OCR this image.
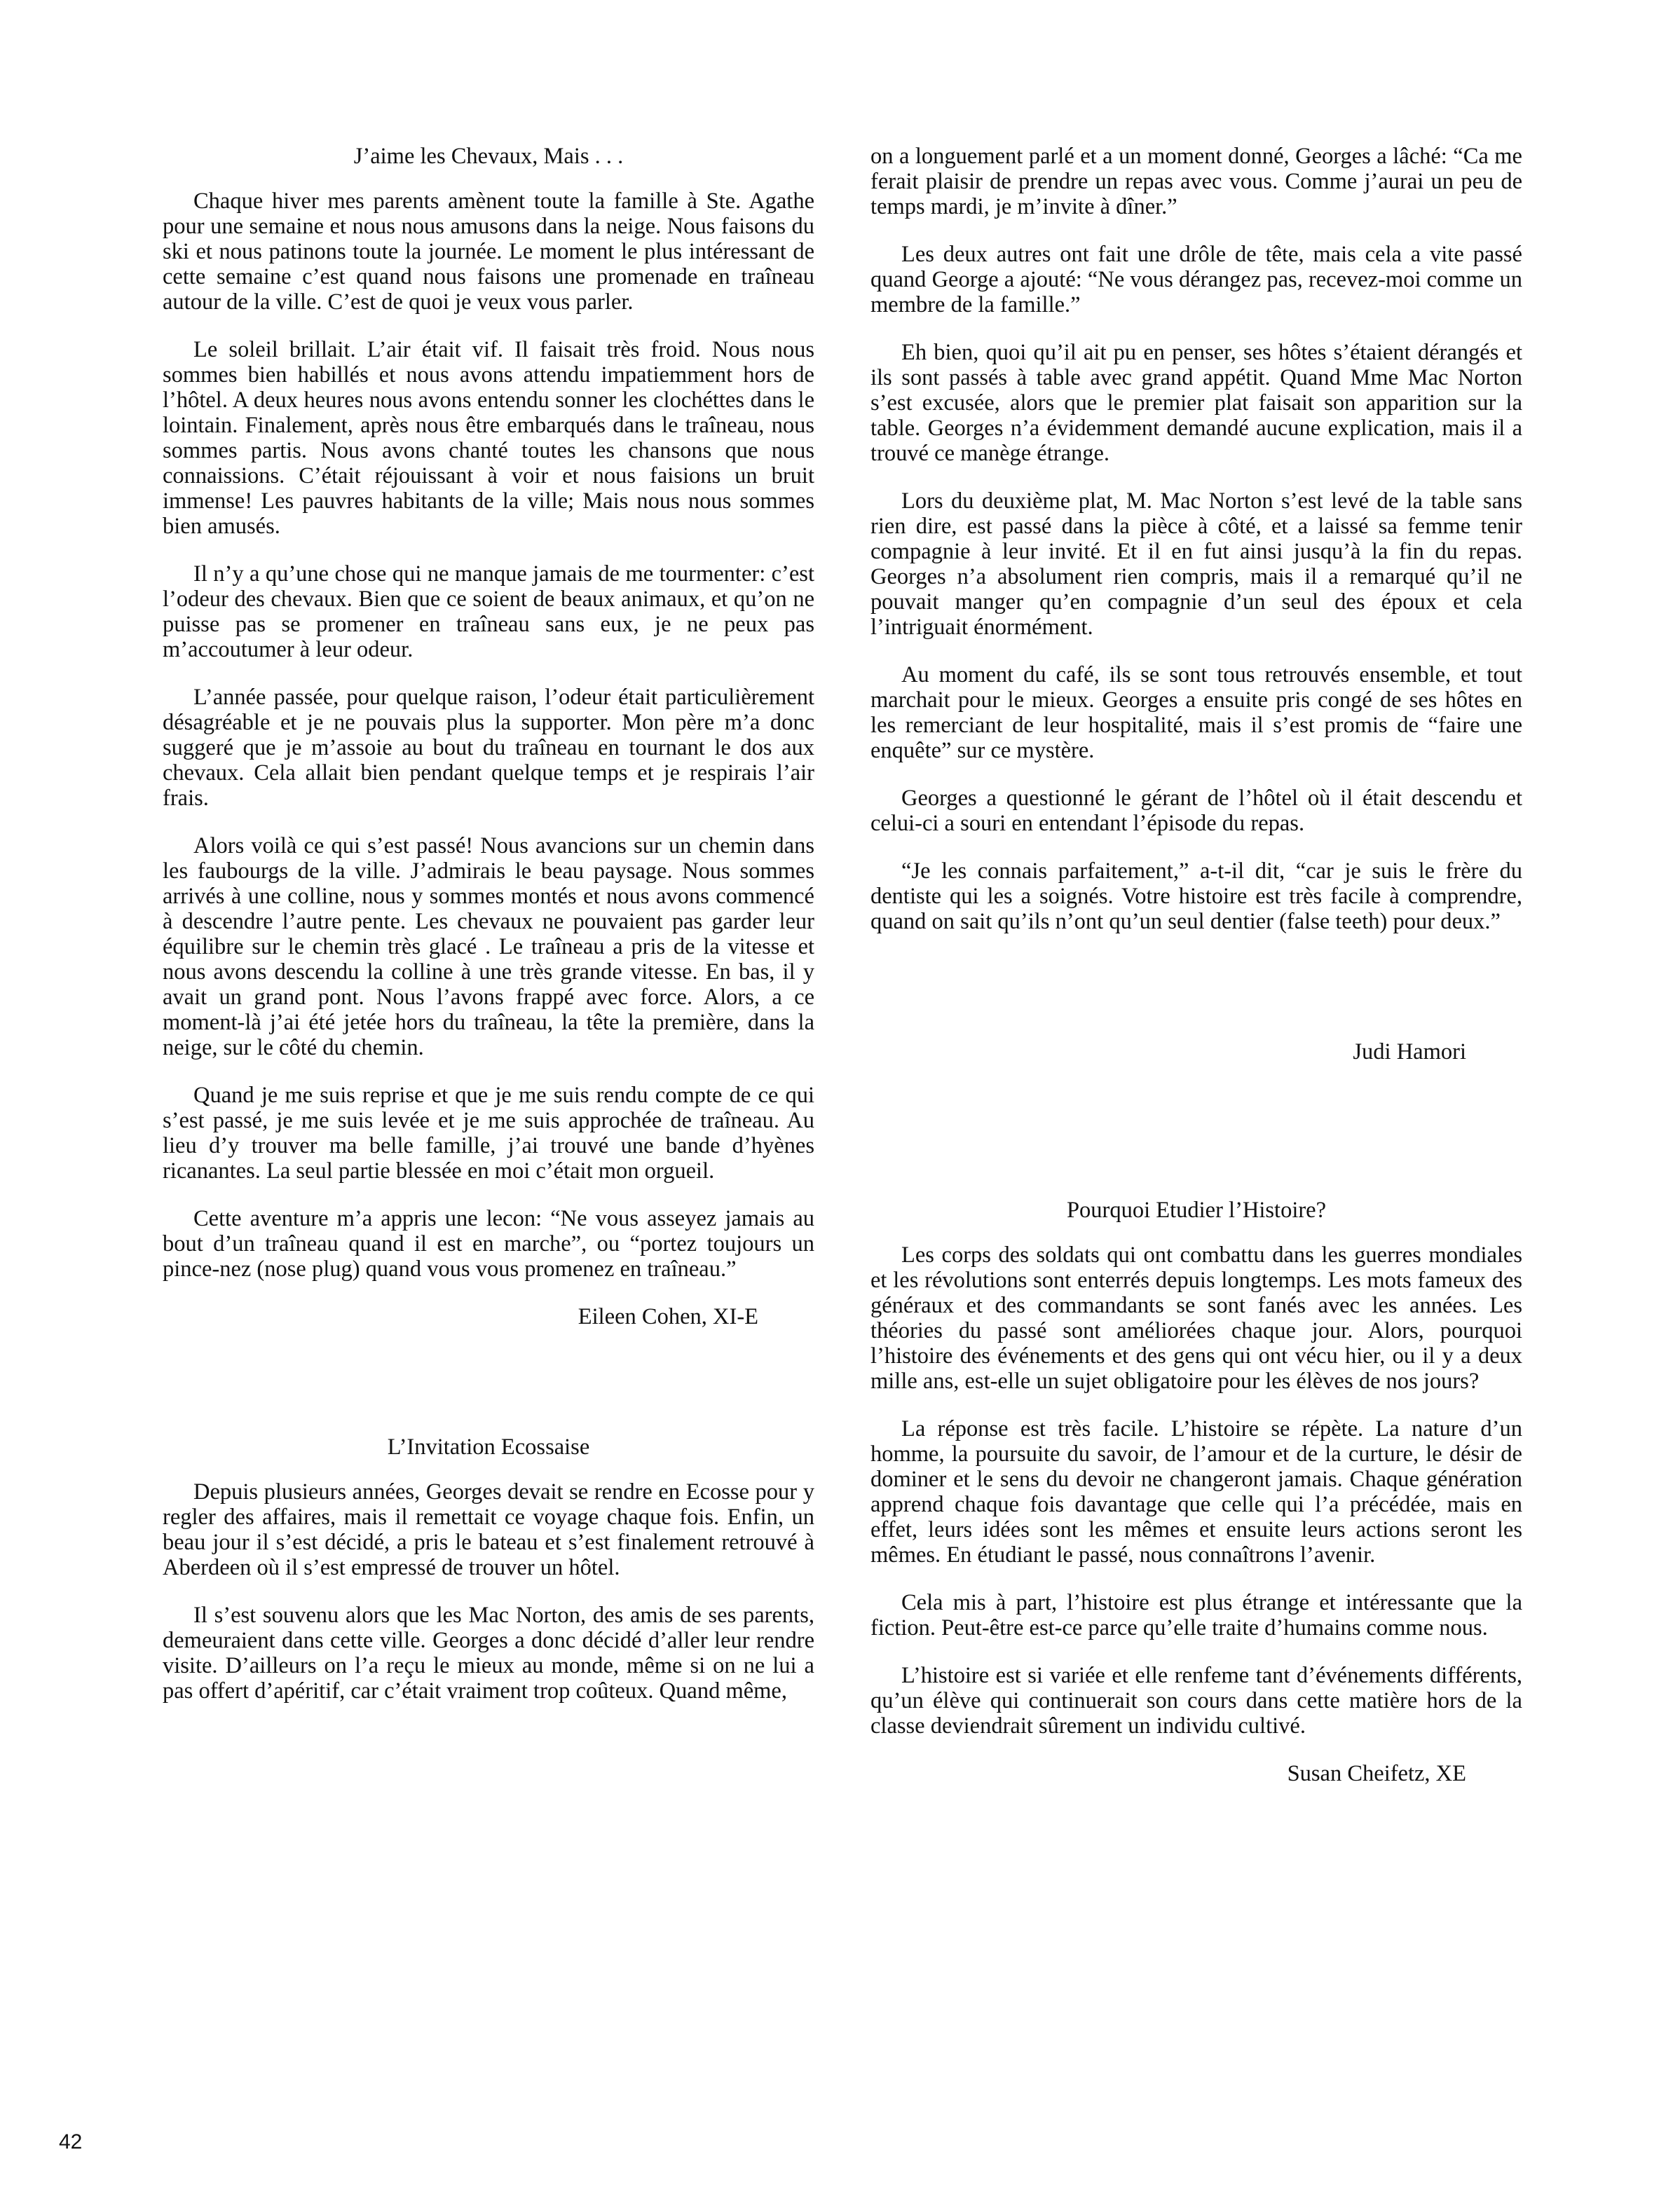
J’aime les Chevaux, Mais . . .

Chaque hiver mes parents amènent toute la famille à Ste. Agathe pour une semaine et nous nous amusons dans la neige. Nous faisons du ski et nous patinons toute la journée. Le moment le plus intéressant de cette semaine c’est quand nous faisons une promenade en traîneau autour de la ville. C’est de quoi je veux vous parler.

Le soleil brillait. L’air était vif. Il faisait très froid. Nous nous sommes bien habillés et nous avons attendu impatiemment hors de l’hôtel. A deux heures nous avons entendu sonner les clochéttes dans le lointain. Finalement, après nous être embarqués dans le traîneau, nous sommes partis. Nous avons chanté toutes les chansons que nous connaissions. C’était réjouissant à voir et nous faisions un bruit immense! Les pauvres habitants de la ville; Mais nous nous sommes bien amusés.

Il n’y a qu’une chose qui ne manque jamais de me tourmenter: c’est l’odeur des chevaux. Bien que ce soient de beaux animaux, et qu’on ne puisse pas se promener en traîneau sans eux, je ne peux pas m’accoutumer à leur odeur.

L’année passée, pour quelque raison, l’odeur était particulièrement désagréable et je ne pouvais plus la supporter. Mon père m’a donc suggeré que je m’assoie au bout du traîneau en tournant le dos aux chevaux. Cela allait bien pendant quelque temps et je respirais l’air frais.

Alors voilà ce qui s’est passé! Nous avancions sur un chemin dans les faubourgs de la ville. J’admirais le beau paysage. Nous sommes arrivés à une colline, nous y sommes montés et nous avons commencé à descendre l’autre pente. Les chevaux ne pouvaient pas garder leur équilibre sur le chemin très glacé . Le traîneau a pris de la vitesse et nous avons descendu la colline à une très grande vitesse. En bas, il y avait un grand pont. Nous l’avons frappé avec force. Alors, a ce moment-là j’ai été jetée hors du traîneau, la tête la première, dans la neige, sur le côté du chemin.

Quand je me suis reprise et que je me suis rendu compte de ce qui s’est passé, je me suis levée et je me suis approchée de traîneau. Au lieu d’y trouver ma belle famille, j’ai trouvé une bande d’hyènes ricanantes. La seul partie blessée en moi c’était mon orgueil.

Cette aventure m’a appris une lecon: “Ne vous asseyez jamais au bout d’un traîneau quand il est en marche”, ou “portez toujours un pince-nez (nose plug) quand vous vous promenez en traîneau.”

Eileen Cohen, XI-E
L’Invitation Ecossaise

Depuis plusieurs années, Georges devait se rendre en Ecosse pour y regler des affaires, mais il remettait ce voyage chaque fois. Enfin, un beau jour il s’est décidé, a pris le bateau et s’est finalement retrouvé à Aberdeen où il s’est empressé de trouver un hôtel.

Il s’est souvenu alors que les Mac Norton, des amis de ses parents, demeuraient dans cette ville. Georges a donc décidé d’aller leur rendre visite. D’ailleurs on l’a reçu le mieux au monde, même si on ne lui a pas offert d’apéritif, car c’était vraiment trop coûteux. Quand même,

on a longuement parlé et a un moment donné, Georges a lâché: “Ca me ferait plaisir de prendre un repas avec vous. Comme j’aurai un peu de temps mardi, je m’invite à dîner.”

Les deux autres ont fait une drôle de tête, mais cela a vite passé quand George a ajouté: “Ne vous dérangez pas, recevez-moi comme un membre de la famille.”

Eh bien, quoi qu’il ait pu en penser, ses hôtes s’étaient dérangés et ils sont passés à table avec grand appétit. Quand Mme Mac Norton s’est excusée, alors que le premier plat faisait son apparition sur la table. Georges n’a évidemment demandé aucune explication, mais il a trouvé ce manège étrange.

Lors du deuxième plat, M. Mac Norton s’est levé de la table sans rien dire, est passé dans la pièce à côté, et a laissé sa femme tenir compagnie à leur invité. Et il en fut ainsi jusqu’à la fin du repas. Georges n’a absolument rien compris, mais il a remarqué qu’il ne pouvait manger qu’en compagnie d’un seul des époux et cela l’intriguait énormément.

Au moment du café, ils se sont tous retrouvés ensemble, et tout marchait pour le mieux. Georges a ensuite pris congé de ses hôtes en les remerciant de leur hospitalité, mais il s’est promis de “faire une enquête” sur ce mystère.

Georges a questionné le gérant de l’hôtel où il était descendu et celui-ci a souri en entendant l’épisode du repas.

“Je les connais parfaitement,” a-t-il dit, “car je suis le frère du dentiste qui les a soignés. Votre histoire est très facile à comprendre, quand on sait qu’ils n’ont qu’un seul dentier (false teeth) pour deux.”

Judi Hamori
Pourquoi Etudier l’Histoire?

Les corps des soldats qui ont combattu dans les guerres mondiales et les révolutions sont enterrés depuis longtemps. Les mots fameux des généraux et des commandants se sont fanés avec les années. Les théories du passé sont améliorées chaque jour. Alors, pourquoi l’histoire des événements et des gens qui ont vécu hier, ou il y a deux mille ans, est-elle un sujet obligatoire pour les élèves de nos jours?

La réponse est très facile. L’histoire se répète. La nature d’un homme, la poursuite du savoir, de l’amour et de la curture, le désir de dominer et le sens du devoir ne changeront jamais. Chaque génération apprend chaque fois davantage que celle qui l’a précédée, mais en effet, leurs idées sont les mêmes et ensuite leurs actions seront les mêmes. En étudiant le passé, nous connaîtrons l’avenir.

Cela mis à part, l’histoire est plus étrange et intéressante que la fiction. Peut-être est-ce parce qu’elle traite d’humains comme nous.

L’histoire est si variée et elle renfeme tant d’événements différents, qu’un élève qui continuerait son cours dans cette matière hors de la classe deviendrait sûrement un individu cultivé.

Susan Cheifetz, XE
42
